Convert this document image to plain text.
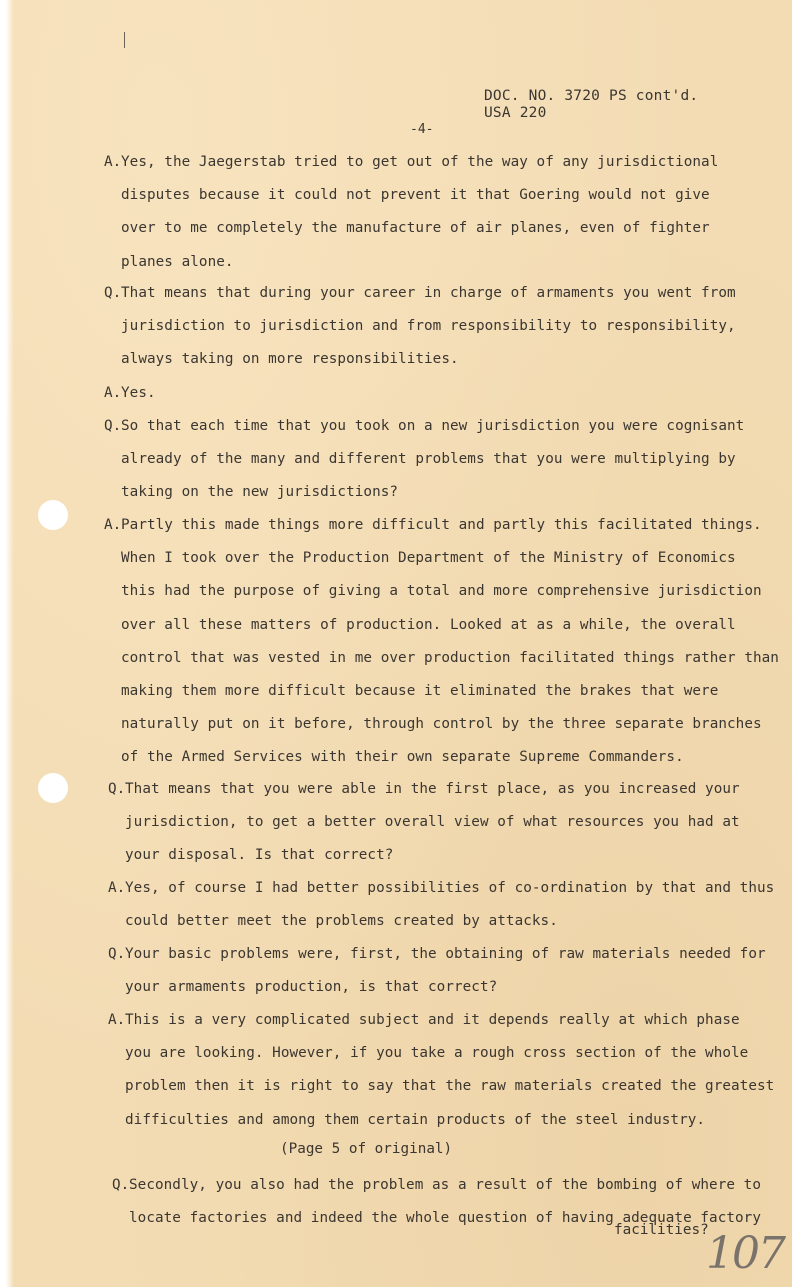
DOC. NO. 3720 PS cont'd.
USA 220
-4-
A.Yes, the Jaegerstab tried to get out of the way of any jurisdictional
disputes because it could not prevent it that Goering would not give
over to me completely the manufacture of air planes, even of fighter
planes alone.
Q.That means that during your career in charge of armaments you went from
jurisdiction to jurisdiction and from responsibility to responsibility,
always taking on more responsibilities.
A.Yes.
Q.So that each time that you took on a new jurisdiction you were cognisant
already of the many and different problems that you were multiplying by
taking on the new jurisdictions?
A.Partly this made things more difficult and partly this facilitated things.
When I took over the Production Department of the Ministry of Economics
this had the purpose of giving a total and more comprehensive jurisdiction
over all these matters of production. Looked at as a while, the overall
control that was vested in me over production facilitated things rather than
making them more difficult because it eliminated the brakes that were
naturally put on it before, through control by the three separate branches
of the Armed Services with their own separate Supreme Commanders.
Q.That means that you were able in the first place, as you increased your
jurisdiction, to get a better overall view of what resources you had at
your disposal. Is that correct?
A.Yes, of course I had better possibilities of co-ordination by that and thus
could better meet the problems created by attacks.
Q.Your basic problems were, first, the obtaining of raw materials needed for
your armaments production, is that correct?
A.This is a very complicated subject and it depends really at which phase
you are looking. However, if you take a rough cross section of the whole
problem then it is right to say that the raw materials created the greatest
difficulties and among them certain products of the steel industry.
(Page 5 of original)
Q.Secondly, you also had the problem as a result of the bombing of where to
locate factories and indeed the whole question of having adequate factory
facilities?
107
